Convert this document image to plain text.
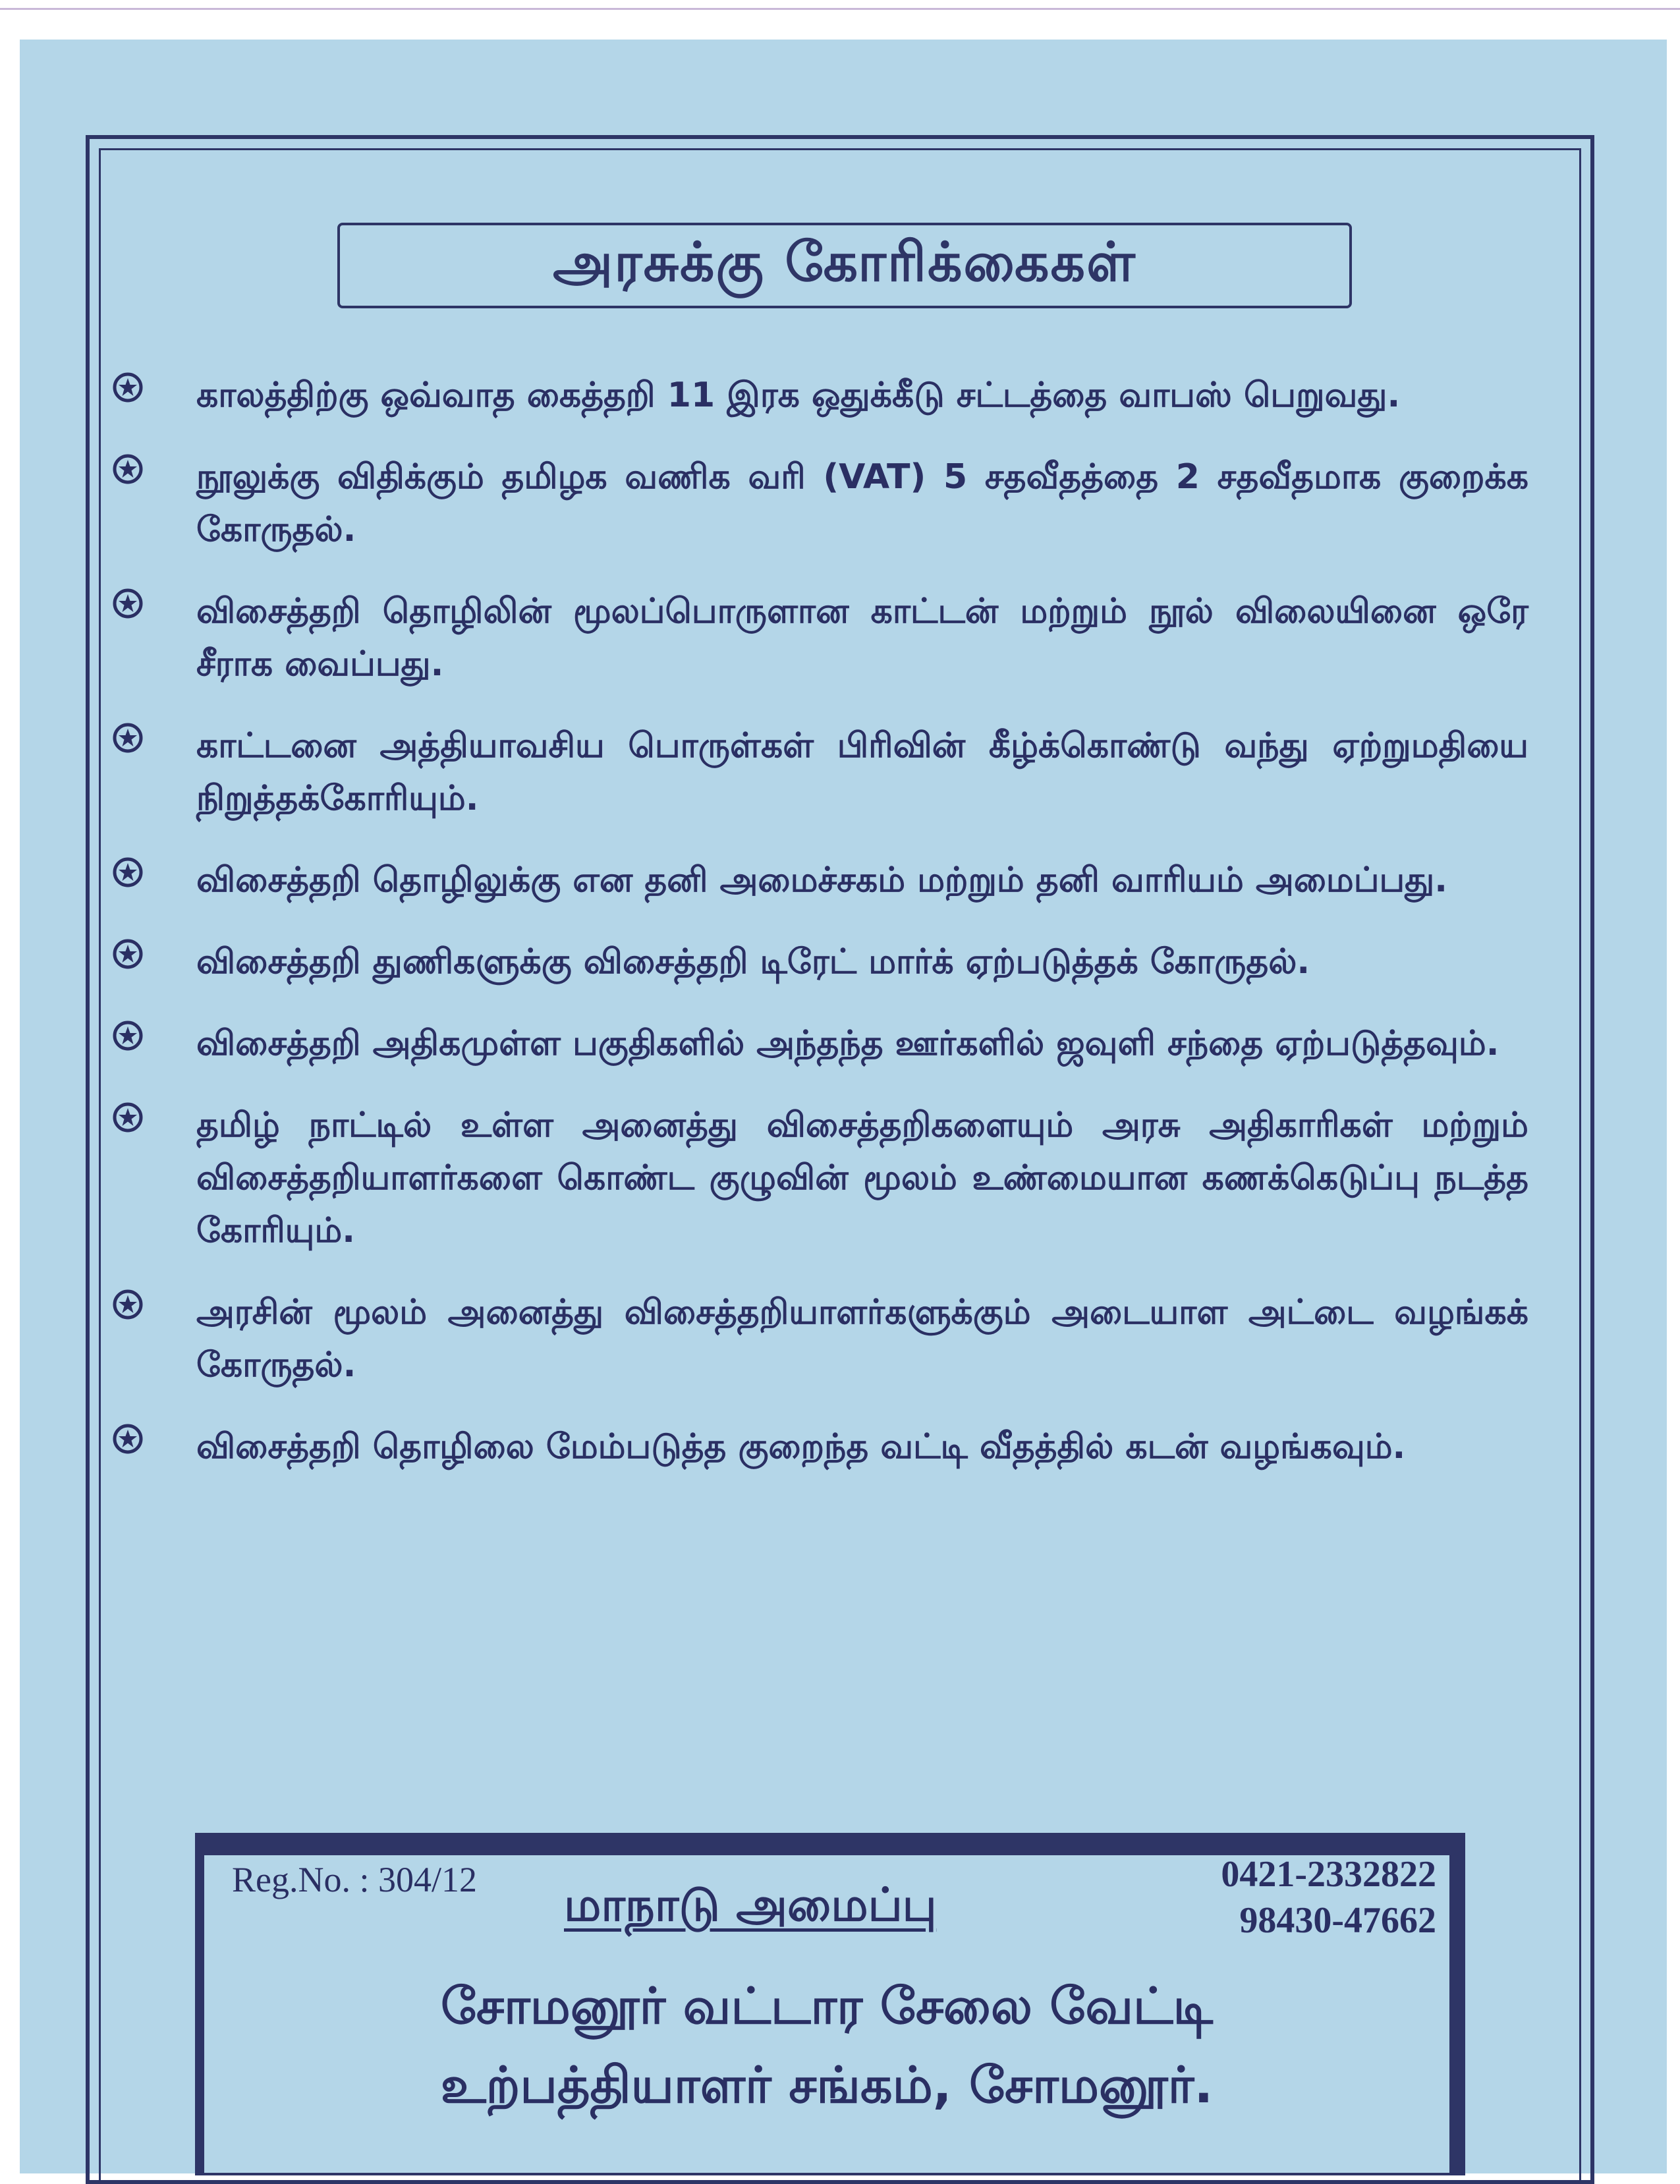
அரசுக்கு கோரிக்கைகள்
காலத்திற்கு ஒவ்வாத கைத்தறி 11 இரக ஒதுக்கீடு சட்டத்தை வாபஸ் பெறுவது.
நூலுக்கு விதிக்கும் தமிழக வணிக வரி (VAT) 5 சதவீதத்தை 2 சதவீதமாக குறைக்க கோருதல்.
விசைத்தறி தொழிலின் மூலப்பொருளான காட்டன் மற்றும் நூல் விலையினை ஒரே சீராக வைப்பது.
காட்டனை அத்தியாவசிய பொருள்கள் பிரிவின் கீழ்க்கொண்டு வந்து ஏற்றுமதியை நிறுத்தக்கோரியும்.
விசைத்தறி தொழிலுக்கு என தனி அமைச்சகம் மற்றும் தனி வாரியம் அமைப்பது.
விசைத்தறி துணிகளுக்கு விசைத்தறி டிரேட் மார்க் ஏற்படுத்தக் கோருதல்.
விசைத்தறி அதிகமுள்ள பகுதிகளில் அந்தந்த ஊர்களில் ஜவுளி சந்தை ஏற்படுத்தவும்.
தமிழ் நாட்டில் உள்ள அனைத்து விசைத்தறிகளையும் அரசு அதிகாரிகள் மற்றும் விசைத்தறியாளர்களை கொண்ட குழுவின் மூலம் உண்மையான கணக்கெடுப்பு நடத்த கோரியும்.
அரசின் மூலம் அனைத்து விசைத்தறியாளர்களுக்கும் அடையாள அட்டை வழங்கக் கோருதல்.
விசைத்தறி தொழிலை மேம்படுத்த குறைந்த வட்டி வீதத்தில் கடன் வழங்கவும்.
Reg.No. : 304/12 மாநாடு அமைப்பு
0421-2332822
98430-47662
சோமனூர் வட்டார சேலை வேட்டி
உற்பத்தியாளர் சங்கம், சோமனூர்.
